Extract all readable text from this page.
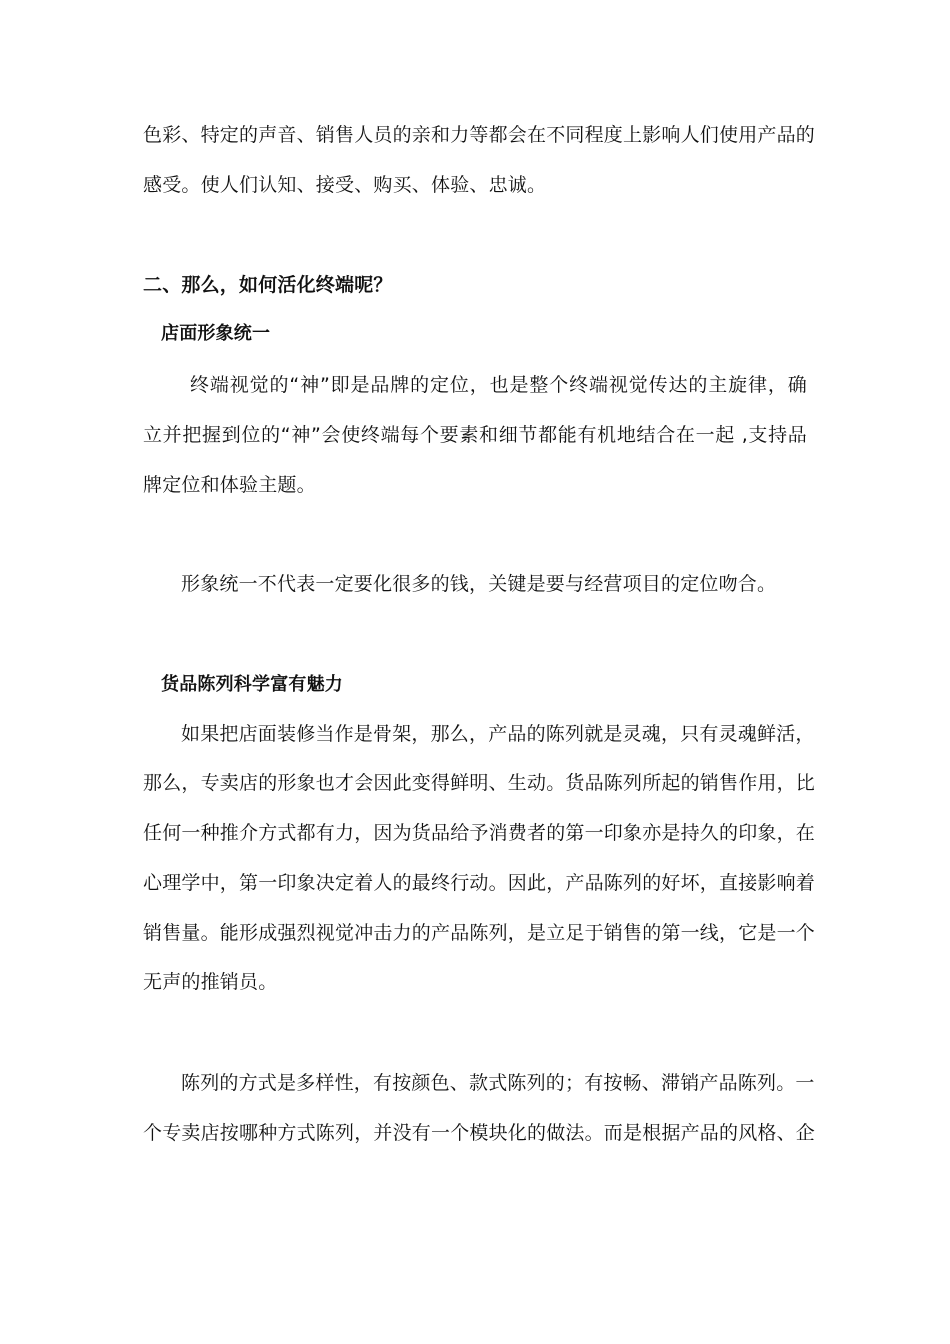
色彩、特定的声音、销售人员的亲和力等都会在不同程度上影响人们使用产品的
感受。使人们认知、接受、购买、体验、忠诚。
二、那么，如何活化终端呢？
店面形象统一
终端视觉的“神”即是品牌的定位，也是整个终端视觉传达的主旋律，确
立并把握到位的“神”会使终端每个要素和细节都能有机地结合在一起 ,支持品
牌定位和体验主题。
形象统一不代表一定要化很多的钱，关键是要与经营项目的定位吻合。
货品陈列科学富有魅力
如果把店面装修当作是骨架，那么，产品的陈列就是灵魂，只有灵魂鲜活，
那么，专卖店的形象也才会因此变得鲜明、生动。货品陈列所起的销售作用，比
任何一种推介方式都有力，因为货品给予消费者的第一印象亦是持久的印象，在
心理学中，第一印象决定着人的最终行动。因此，产品陈列的好坏，直接影响着
销售量。能形成强烈视觉冲击力的产品陈列，是立足于销售的第一线，它是一个
无声的推销员。
陈列的方式是多样性，有按颜色、款式陈列的；有按畅、滞销产品陈列。一
个专卖店按哪种方式陈列，并没有一个模块化的做法。而是根据产品的风格、企
